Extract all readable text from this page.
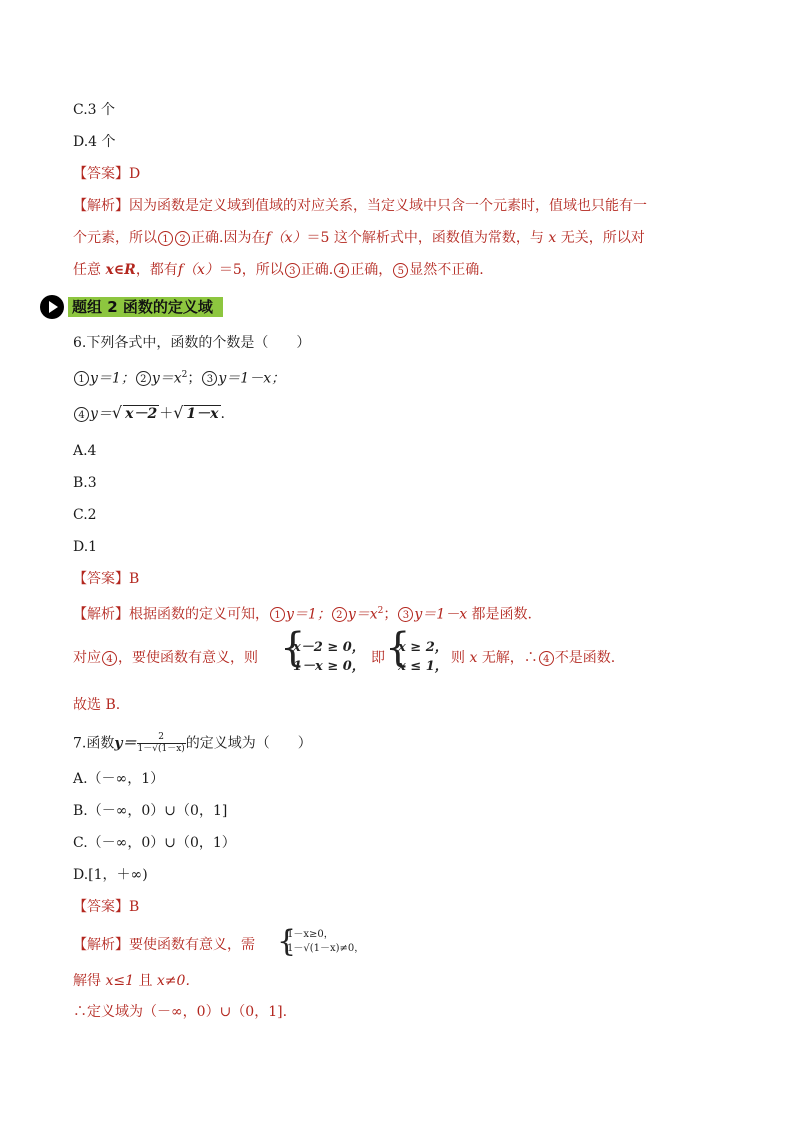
C.3 个
D.4 个
【答案】D
【解析】因为函数是定义域到值域的对应关系，当定义域中只含一个元素时，值域也只能有一
个元素，所以 1 2 正确.因为在f（x）＝5 这个解析式中，函数值为常数，与 x 无关，所以对
任意 x∈R，都有f（x）＝5，所以 3 正确. 4 正确， 5 显然不正确.
题组 2 函数的定义域
6.下列各式中，函数的个数是（　　）
1 y＝1； 2 $y=x^2$； 3 y＝1－x；
4 y＝√ x－2 ＋√ 1－x .
A.4
B.3
C.2
D.1
【答案】B
【解析】根据函数的定义可知， 1 y＝1； 2 $y=x^2$； 3 y＝1－x 都是函数.
对应 4 ，要使函数有意义，则 {
x－2 ≥ 0，
1－x ≥ 0，
即 {
x ≥ 2，
x ≤ 1，
则 x 无解，∴ 4 不是函数.
故选 B.
7.函数$y= \frac{2}{1-√(1-x)}$ 的定义域为（　　）
A.（－∞，1）
B.（－∞，0）∪（0，1]
C.（－∞，0）∪（0，1）
D.[1，＋∞)
【答案】B
【解析】要使函数有意义，需 {
1－x≥0，
1－√(1－x)≠0，
解得 x≤1 且 x≠0.
∴定义域为（－∞，0）∪（0，1].
